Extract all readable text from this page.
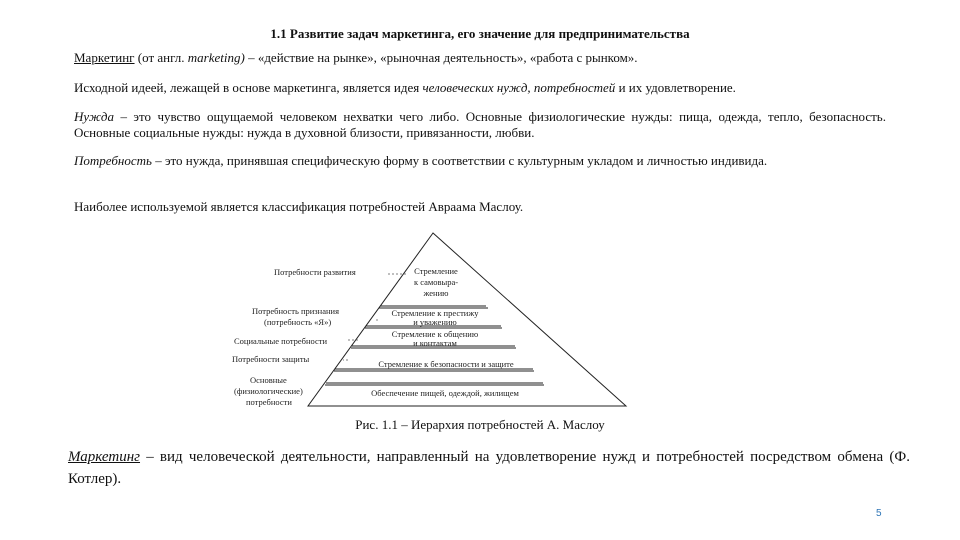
1.1 Развитие задач маркетинга, его значение для предпринимательства
Маркетинг (от англ. marketing) – «действие на рынке», «рыночная деятельность», «работа с рынком».
Исходной идеей, лежащей в основе маркетинга, является идея человеческих нужд, потребностей и их удовлетворение.
Нужда – это чувство ощущаемой человеком нехватки чего либо. Основные физиологические нужды: пища, одежда, тепло, безопасность. Основные социальные нужды: нужда в духовной близости, привязанности, любви.
Потребность – это нужда, принявшая специфическую форму в соответствии с культурным укладом и личностью индивида.
Наиболее используемой является классификация потребностей Авраама Маслоу.
Потребности развития
Потребность признания
(потребность «Я»)
Социальные потребности
Потребности защиты
Основные
(физиологические)
потребности
Стремление
к самовыра-
жению
Стремление к престижу
и уважению
Стремление к общению
и контактам
Стремление к безопасности и защите
Обеспечение пищей, одеждой, жилищем
Рис. 1.1 – Иерархия потребностей А. Маслоу
Маркетинг – вид человеческой деятельности, направленный на удовлетворение нужд и потребностей посредством обмена (Ф. Котлер).
5
